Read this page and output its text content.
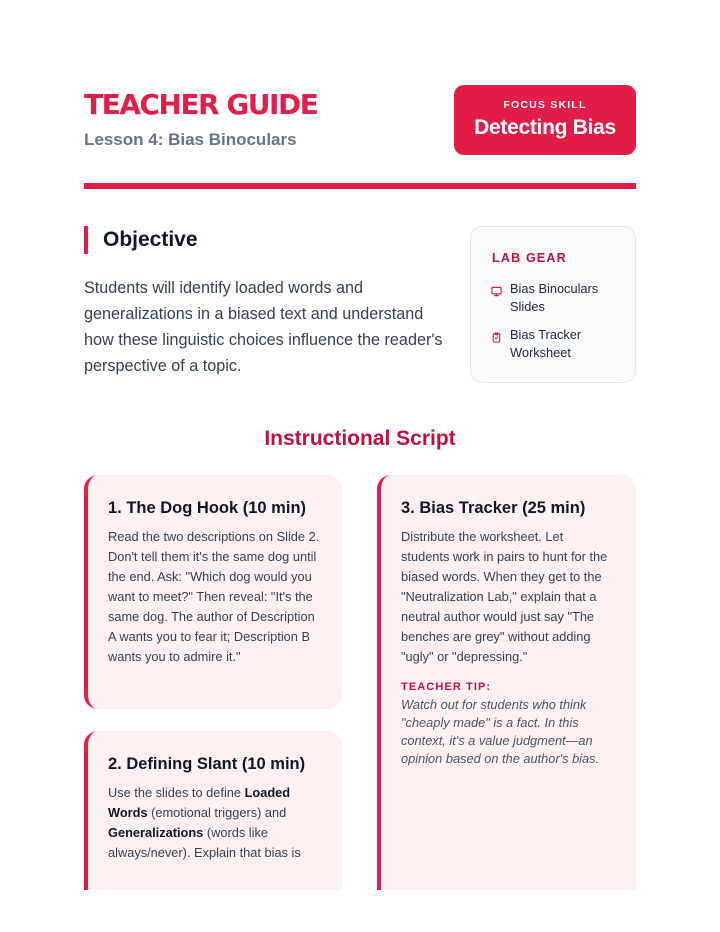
TEACHER GUIDE
Lesson 4: Bias Binoculars
FOCUS SKILL
Detecting Bias
Objective
Students will identify loaded words and generalizations in a biased text and understand how these linguistic choices influence the reader's perspective of a topic.
LAB GEAR
Bias Binoculars Slides
Bias Tracker Worksheet
Instructional Script
1. The Dog Hook (10 min)

Read the two descriptions on Slide 2. Don't tell them it's the same dog until the end. Ask: "Which dog would you want to meet?" Then reveal: "It's the same dog. The author of Description A wants you to fear it; Description B wants you to admire it."

2. Defining Slant (10 min)

Use the slides to define Loaded Words (emotional triggers) and Generalizations (words like always/never). Explain that bias is

3. Bias Tracker (25 min)

Distribute the worksheet. Let students work in pairs to hunt for the biased words. When they get to the "Neutralization Lab," explain that a neutral author would just say "The benches are grey" without adding "ugly" or "depressing."

TEACHER TIP:
Watch out for students who think "cheaply made" is a fact. In this context, it's a value judgment—an opinion based on the author's bias.
